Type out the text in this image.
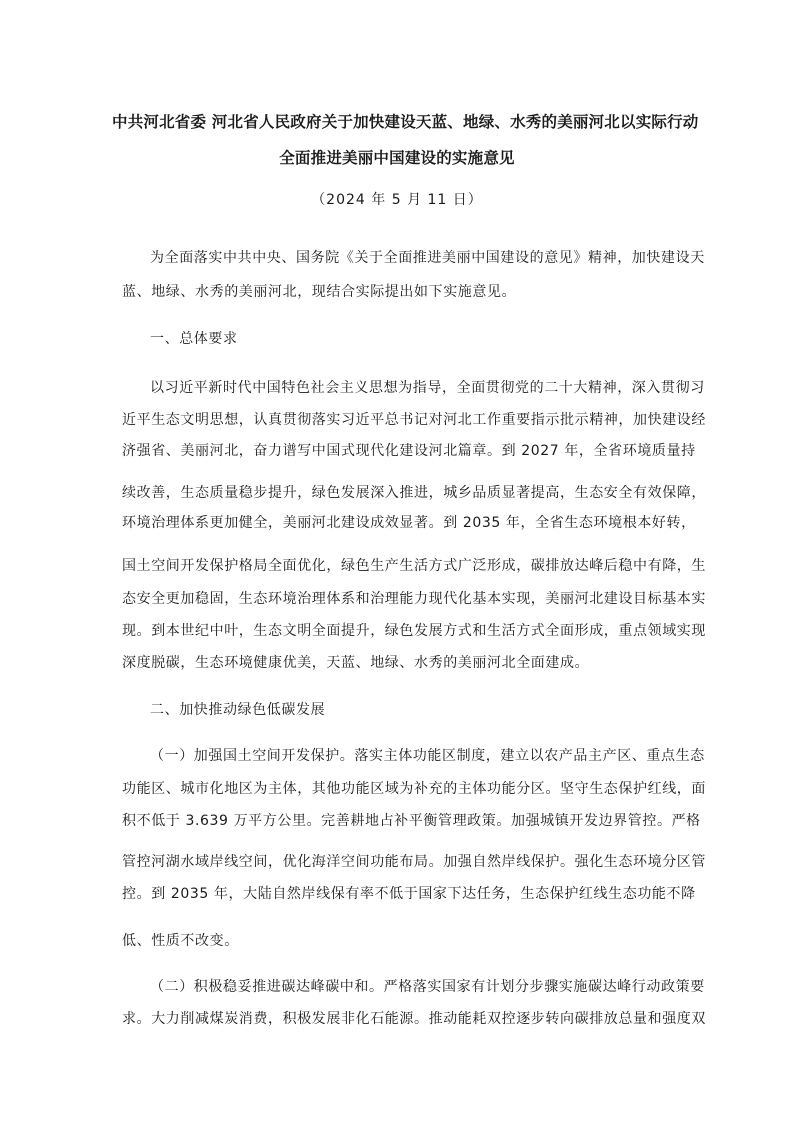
中共河北省委 河北省人民政府关于加快建设天蓝、地绿、水秀的美丽河北以实际行动
全面推进美丽中国建设的实施意见
（2024 年 5 月 11 日）
为全面落实中共中央、国务院《关于全面推进美丽中国建设的意见》精神，加快建设天
蓝、地绿、水秀的美丽河北，现结合实际提出如下实施意见。
一、总体要求
以习近平新时代中国特色社会主义思想为指导，全面贯彻党的二十大精神，深入贯彻习
近平生态文明思想，认真贯彻落实习近平总书记对河北工作重要指示批示精神，加快建设经
济强省、美丽河北，奋力谱写中国式现代化建设河北篇章。到 2027 年，全省环境质量持
续改善，生态质量稳步提升，绿色发展深入推进，城乡品质显著提高，生态安全有效保障，
环境治理体系更加健全，美丽河北建设成效显著。到 2035 年，全省生态环境根本好转，
国土空间开发保护格局全面优化，绿色生产生活方式广泛形成，碳排放达峰后稳中有降，生
态安全更加稳固，生态环境治理体系和治理能力现代化基本实现，美丽河北建设目标基本实
现。到本世纪中叶，生态文明全面提升，绿色发展方式和生活方式全面形成，重点领域实现
深度脱碳，生态环境健康优美，天蓝、地绿、水秀的美丽河北全面建成。
二、加快推动绿色低碳发展
（一）加强国土空间开发保护。落实主体功能区制度，建立以农产品主产区、重点生态
功能区、城市化地区为主体，其他功能区域为补充的主体功能分区。坚守生态保护红线，面
积不低于 3.639 万平方公里。完善耕地占补平衡管理政策。加强城镇开发边界管控。严格
管控河湖水域岸线空间，优化海洋空间功能布局。加强自然岸线保护。强化生态环境分区管
控。到 2035 年，大陆自然岸线保有率不低于国家下达任务，生态保护红线生态功能不降
低、性质不改变。
（二）积极稳妥推进碳达峰碳中和。严格落实国家有计划分步骤实施碳达峰行动政策要
求。大力削减煤炭消费，积极发展非化石能源。推动能耗双控逐步转向碳排放总量和强度双
